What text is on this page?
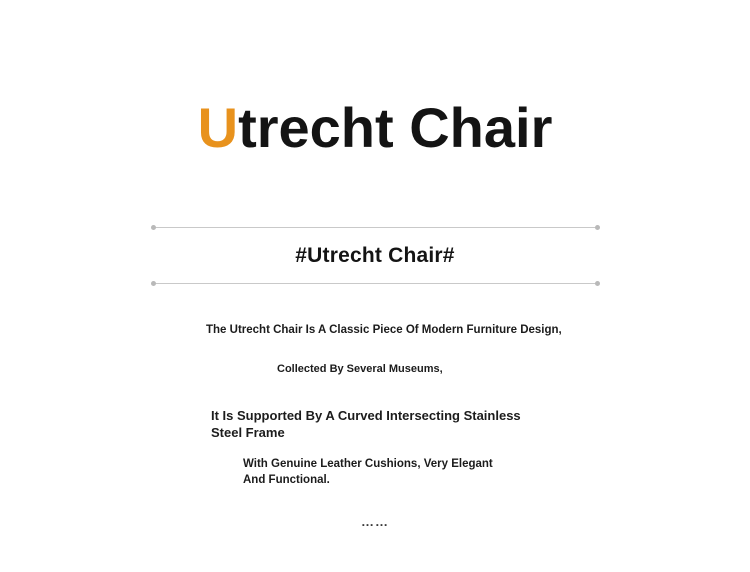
Utrecht Chair
#Utrecht Chair#
The Utrecht Chair Is A Classic Piece Of Modern Furniture Design,
Collected By Several Museums,
It Is Supported By A Curved Intersecting Stainless Steel Frame
With Genuine Leather Cushions, Very Elegant And Functional.
……
